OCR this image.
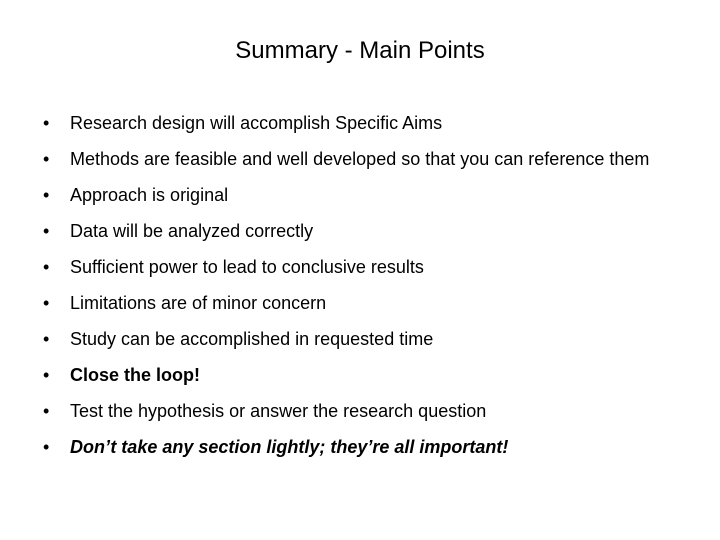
Summary - Main Points
•	Research design will accomplish Specific Aims
•	Methods are feasible and well developed so that you can reference them
•	Approach is original
•	Data will be analyzed correctly
•	Sufficient power to lead to conclusive results
•	Limitations are of minor concern
•	Study can be accomplished in requested time
•	Close the loop!
•	Test the hypothesis or answer the research question
•	Don’t take any section lightly; they’re all important!
